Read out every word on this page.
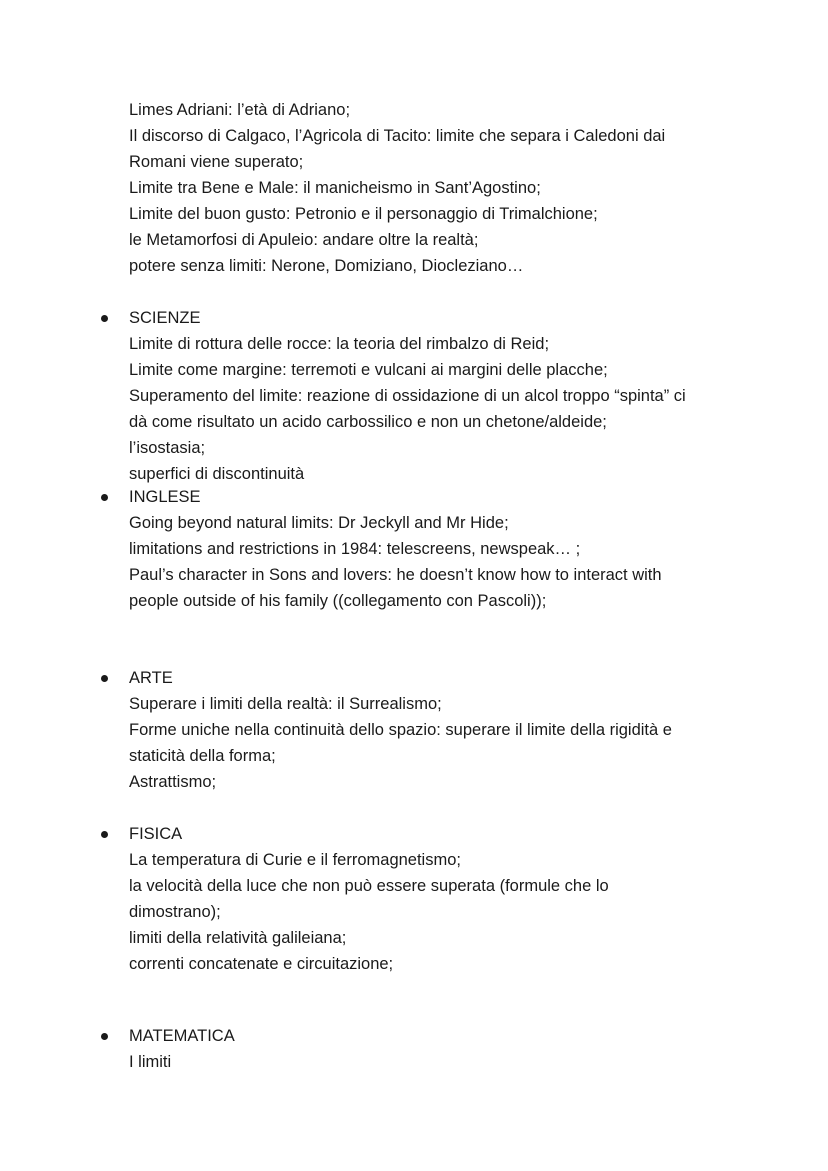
Limes Adriani: l’età di Adriano;
Il discorso di Calgaco, l’Agricola di Tacito: limite che separa i Caledoni dai
Romani viene superato;
Limite tra Bene e Male: il manicheismo in Sant’Agostino;
Limite del buon gusto: Petronio e il personaggio di Trimalchione;
le Metamorfosi di Apuleio: andare oltre la realtà;
potere senza limiti: Nerone, Domiziano, Diocleziano…
SCIENZE
Limite di rottura delle rocce: la teoria del rimbalzo di Reid;
Limite come margine: terremoti e vulcani ai margini delle placche;
Superamento del limite: reazione di ossidazione di un alcol troppo “spinta” ci
dà come risultato un acido carbossilico e non un chetone/aldeide;
l’isostasia;
superfici di discontinuità
INGLESE
Going beyond natural limits: Dr Jeckyll and Mr Hide;
limitations and restrictions in 1984: telescreens, newspeak… ;
Paul’s character in Sons and lovers: he doesn’t know how to interact with
people outside of his family ((collegamento con Pascoli));
ARTE
Superare i limiti della realtà: il Surrealismo;
Forme uniche nella continuità dello spazio: superare il limite della rigidità e
staticità della forma;
Astrattismo;
FISICA
La temperatura di Curie e il ferromagnetismo;
la velocità della luce che non può essere superata (formule che lo
dimostrano);
limiti della relatività galileiana;
correnti concatenate e circuitazione;
MATEMATICA
I limiti
